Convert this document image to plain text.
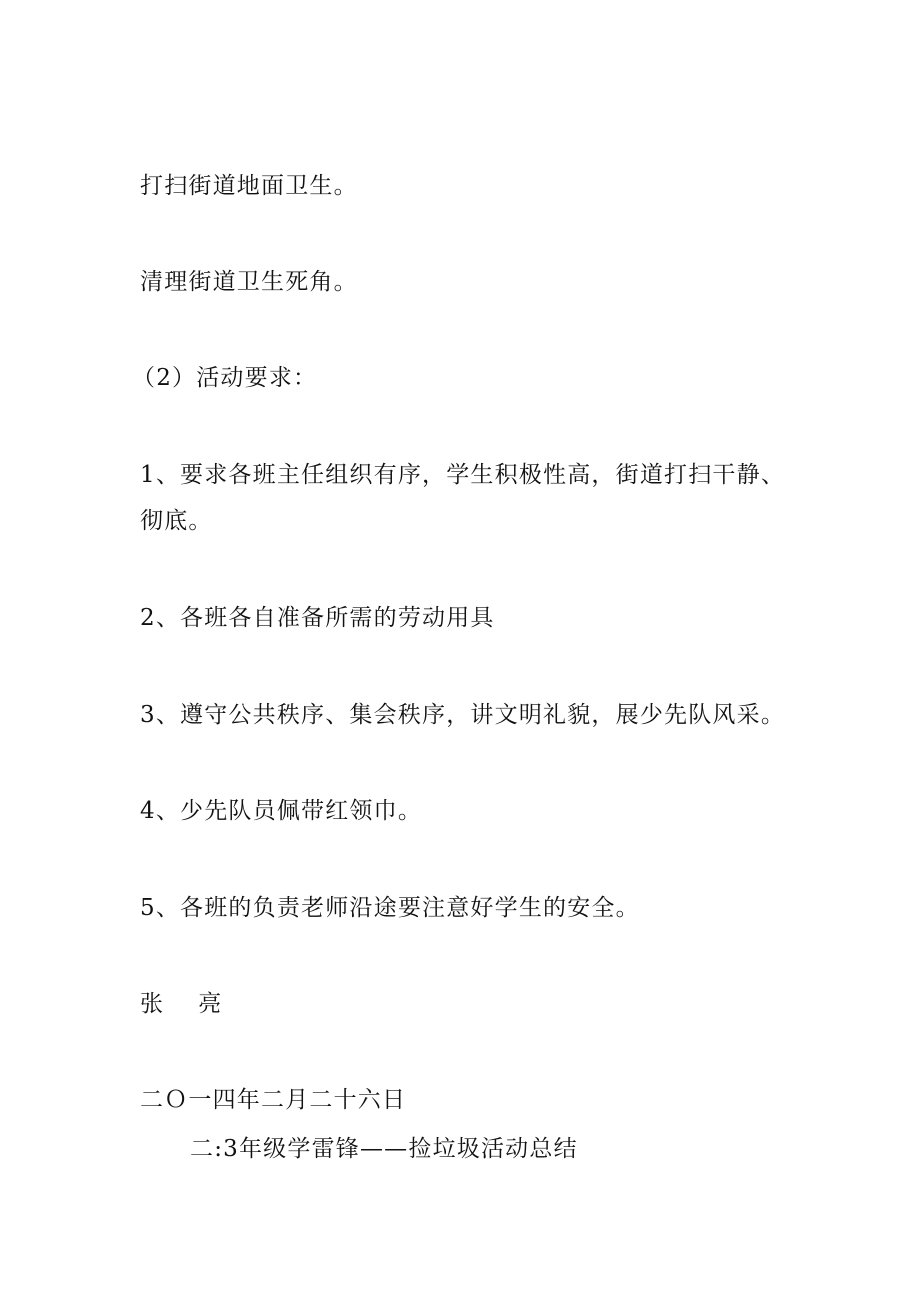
打扫街道地面卫生。
清理街道卫生死角。
（2）活动要求：
1、要求各班主任组织有序，学生积极性高，街道打扫干静、彻底。
2、各班各自准备所需的劳动用具
3、遵守公共秩序、集会秩序，讲文明礼貌，展少先队风采。
4、少先队员佩带红领巾。
5、各班的负责老师沿途要注意好学生的安全。
张 亮
二Ｏ一四年二月二十六日
二:3年级学雷锋——捡垃圾活动总结
